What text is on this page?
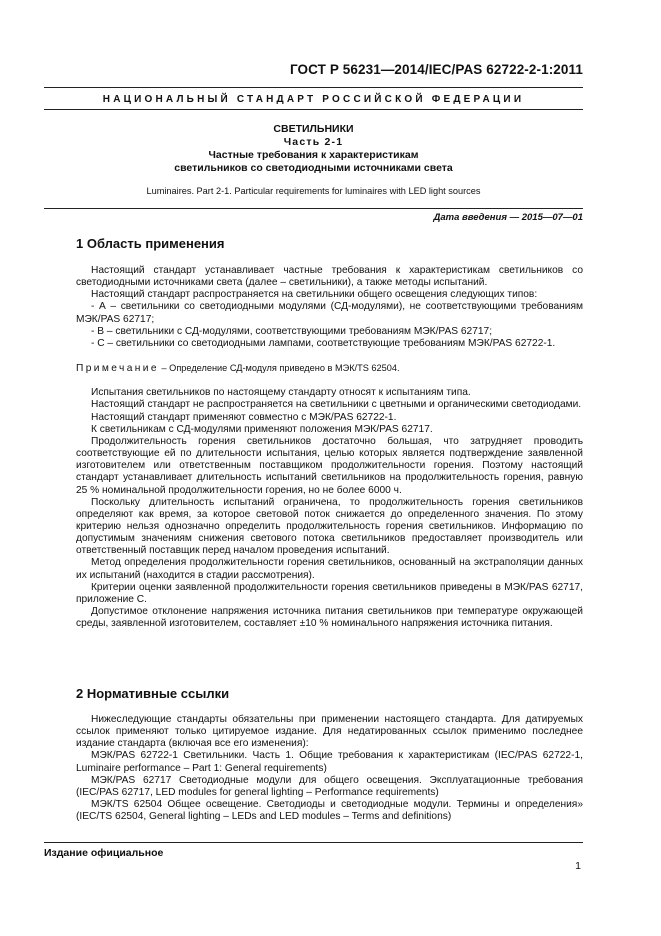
ГОСТ Р 56231—2014/IEC/PAS 62722-2-1:2011
НАЦИОНАЛЬНЫЙ СТАНДАРТ РОССИЙСКОЙ ФЕДЕРАЦИИ
СВЕТИЛЬНИКИ
Часть 2-1
Частные требования к характеристикам
светильников со светодиодными источниками света
Luminaires. Part 2-1. Particular requirements for luminaires with LED light sources
Дата введения — 2015—07—01
1 Область применения

Настоящий стандарт устанавливает частные требования к характеристикам светильников со светодиодными источниками света (далее – светильники), а также методы испытаний.

Настоящий стандарт распространяется на светильники общего освещения следующих типов:

- А – светильники со светодиодными модулями (СД-модулями), не соответствующими требованиям МЭК/PAS 62717;

- В – светильники с СД-модулями, соответствующими требованиям МЭК/PAS 62717;

- С – светильники со светодиодными лампами, соответствующие требованиям МЭК/PAS 62722-1.

Примечание – Определение СД-модуля приведено в МЭК/TS 62504.

Испытания светильников по настоящему стандарту относят к испытаниям типа.

Настоящий стандарт не распространяется на светильники с цветными и органическими светодиодами.

Настоящий стандарт применяют совместно с МЭК/PAS 62722-1.

К светильникам с СД-модулями применяют положения МЭК/PAS 62717.

Продолжительность горения светильников достаточно большая, что затрудняет проводить соответствующие ей по длительности испытания, целью которых является подтверждение заявленной изготовителем или ответственным поставщиком продолжительности горения. Поэтому настоящий стандарт устанавливает длительность испытаний светильников на продолжительность горения, равную 25 % номинальной продолжительности горения, но не более 6000 ч.

Поскольку длительность испытаний ограничена, то продолжительность горения светильников определяют как время, за которое световой поток снижается до определенного значения. По этому критерию нельзя однозначно определить продолжительность горения светильников. Информацию по допустимым значениям снижения светового потока светильников предоставляет производитель или ответственный поставщик перед началом проведения испытаний.

Метод определения продолжительности горения светильников, основанный на экстраполяции данных их испытаний (находится в стадии рассмотрения).

Критерии оценки заявленной продолжительности горения светильников приведены в МЭК/PAS 62717, приложение С.

Допустимое отклонение напряжения источника питания светильников при температуре окружающей среды, заявленной изготовителем, составляет ±10 % номинального напряжения источника питания.

2 Нормативные ссылки

Нижеследующие стандарты обязательны при применении настоящего стандарта. Для датируемых ссылок применяют только цитируемое издание. Для недатированных ссылок применимо последнее издание стандарта (включая все его изменения):

МЭК/PAS 62722-1 Светильники. Часть 1. Общие требования к характеристикам (IEC/PAS 62722-1, Luminaire performance – Part 1: General requirements)

МЭК/PAS 62717 Светодиодные модули для общего освещения. Эксплуатационные требования (IEC/PAS 62717, LED modules for general lighting – Performance requirements)

МЭК/TS 62504 Общее освещение. Светодиоды и светодиодные модули. Термины и определения» (IEC/TS 62504, General lighting – LEDs and LED modules – Terms and definitions)

Издание официальное
1
